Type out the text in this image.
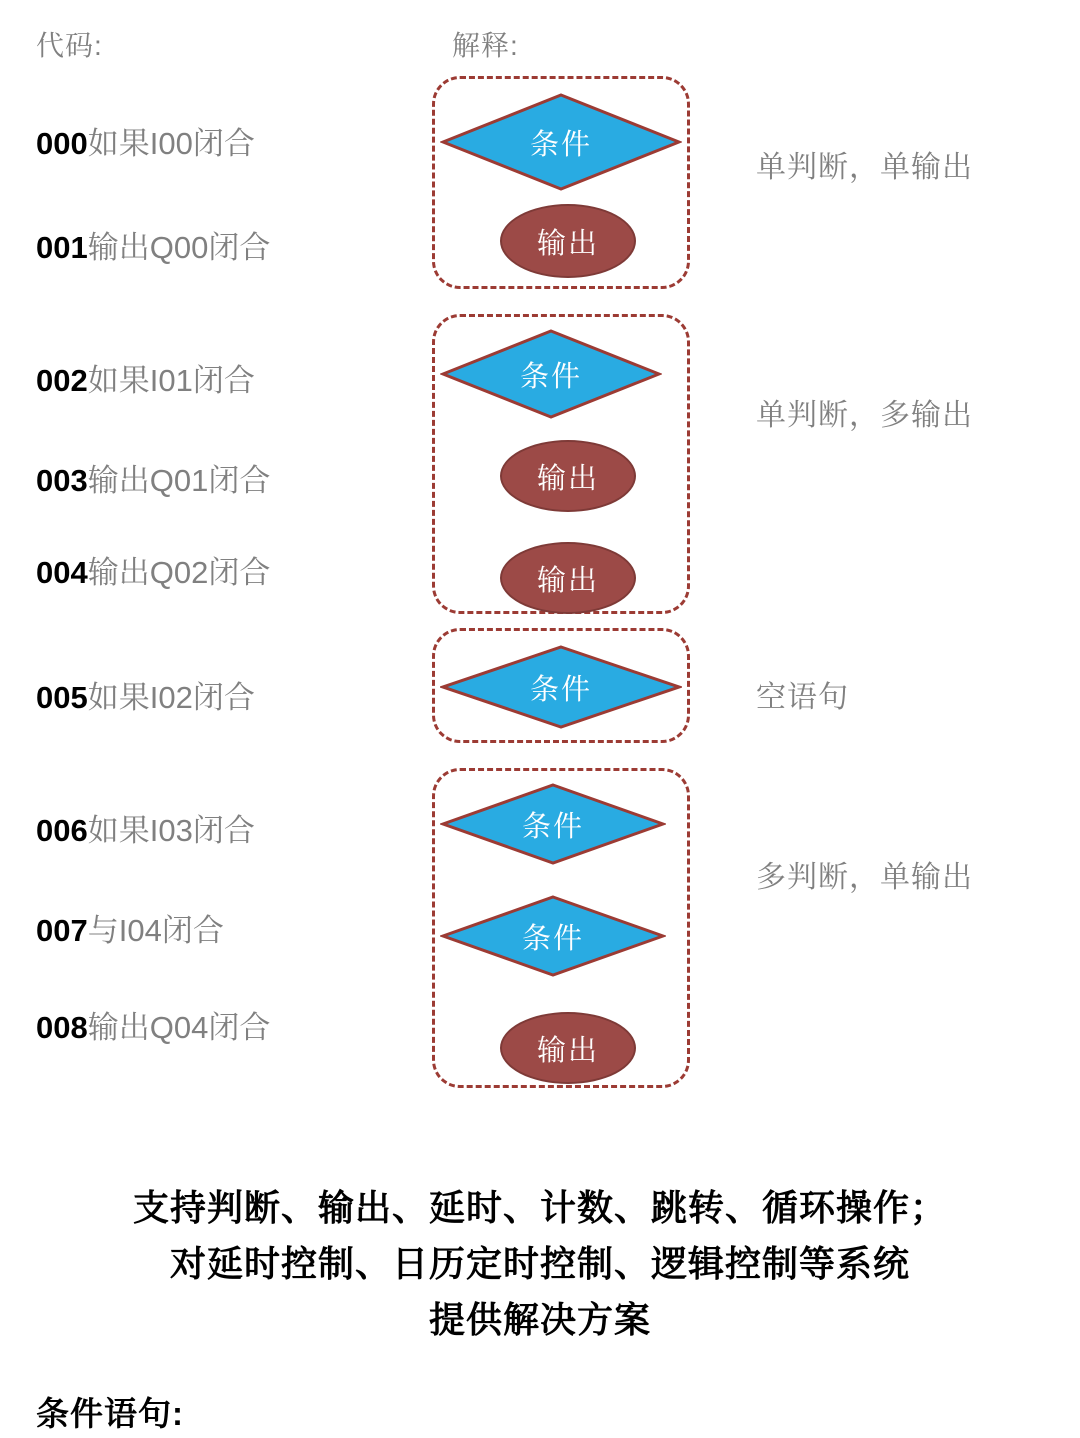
代码:	解释:
000如果I00闭合
001输出Q00闭合
002如果I01闭合
003输出Q01闭合
004输出Q02闭合
005如果I02闭合
006如果I03闭合
007与I04闭合
008输出Q04闭合
条件
输出
单判断，单输出
条件
输出
输出
单判断，多输出
条件	空语句
条件
条件
输出
多判断，单输出
支持判断、输出、延时、计数、跳转、循环操作；
对延时控制、日历定时控制、逻辑控制等系统
提供解决方案
条件语句:
